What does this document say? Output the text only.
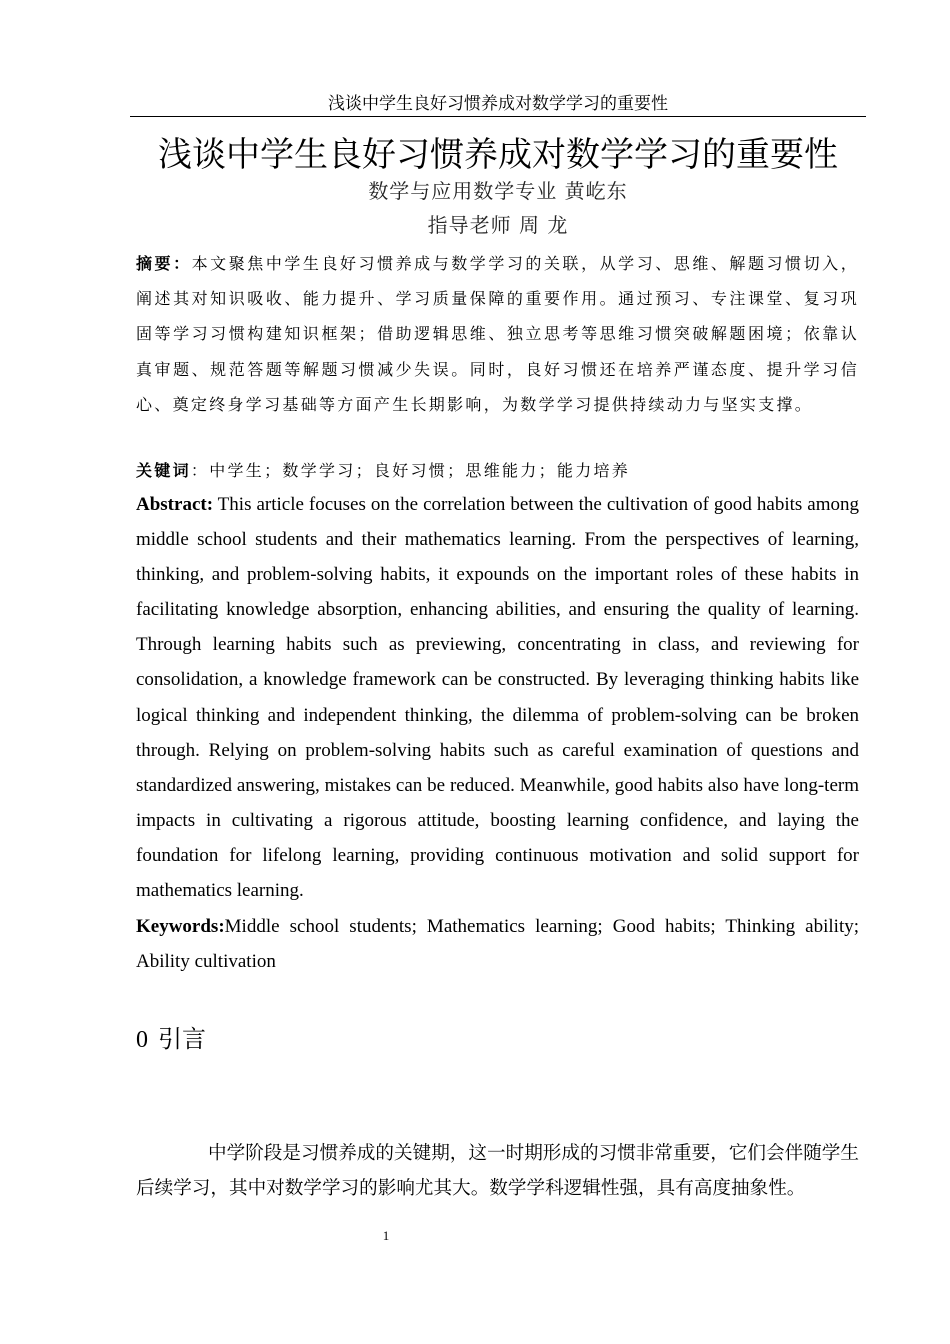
浅谈中学生良好习惯养成对数学学习的重要性
浅谈中学生良好习惯养成对数学学习的重要性
数学与应用数学专业 黄屹东
指导老师 周 龙
摘要：本文聚焦中学生良好习惯养成与数学学习的关联，从学习、思维、解题习惯切入，阐述其对知识吸收、能力提升、学习质量保障的重要作用。通过预习、专注课堂、复习巩固等学习习惯构建知识框架；借助逻辑思维、独立思考等思维习惯突破解题困境；依靠认真审题、规范答题等解题习惯减少失误。同时，良好习惯还在培养严谨态度、提升学习信心、奠定终身学习基础等方面产生长期影响，为数学学习提供持续动力与坚实支撑。
关键词：中学生；数学学习；良好习惯；思维能力；能力培养
Abstract: This article focuses on the correlation between the cultivation of good habits among middle school students and their mathematics learning. From the perspectives of learning, thinking, and problem-solving habits, it expounds on the important roles of these habits in facilitating knowledge absorption, enhancing abilities, and ensuring the quality of learning. Through learning habits such as previewing, concentrating in class, and reviewing for consolidation, a knowledge framework can be constructed. By leveraging thinking habits like logical thinking and independent thinking, the dilemma of problem-solving can be broken through. Relying on problem-solving habits such as careful examination of questions and standardized answering, mistakes can be reduced. Meanwhile, good habits also have long-term impacts in cultivating a rigorous attitude, boosting learning confidence, and laying the foundation for lifelong learning, providing continuous motivation and solid support for mathematics learning.
Keywords:Middle school students; Mathematics learning; Good habits; Thinking ability; Ability cultivation
0 引言
中学阶段是习惯养成的关键期，这一时期形成的习惯非常重要，它们会伴随学生后续学习，其中对数学学习的影响尤其大。数学学科逻辑性强，具有高度抽象性。
1
